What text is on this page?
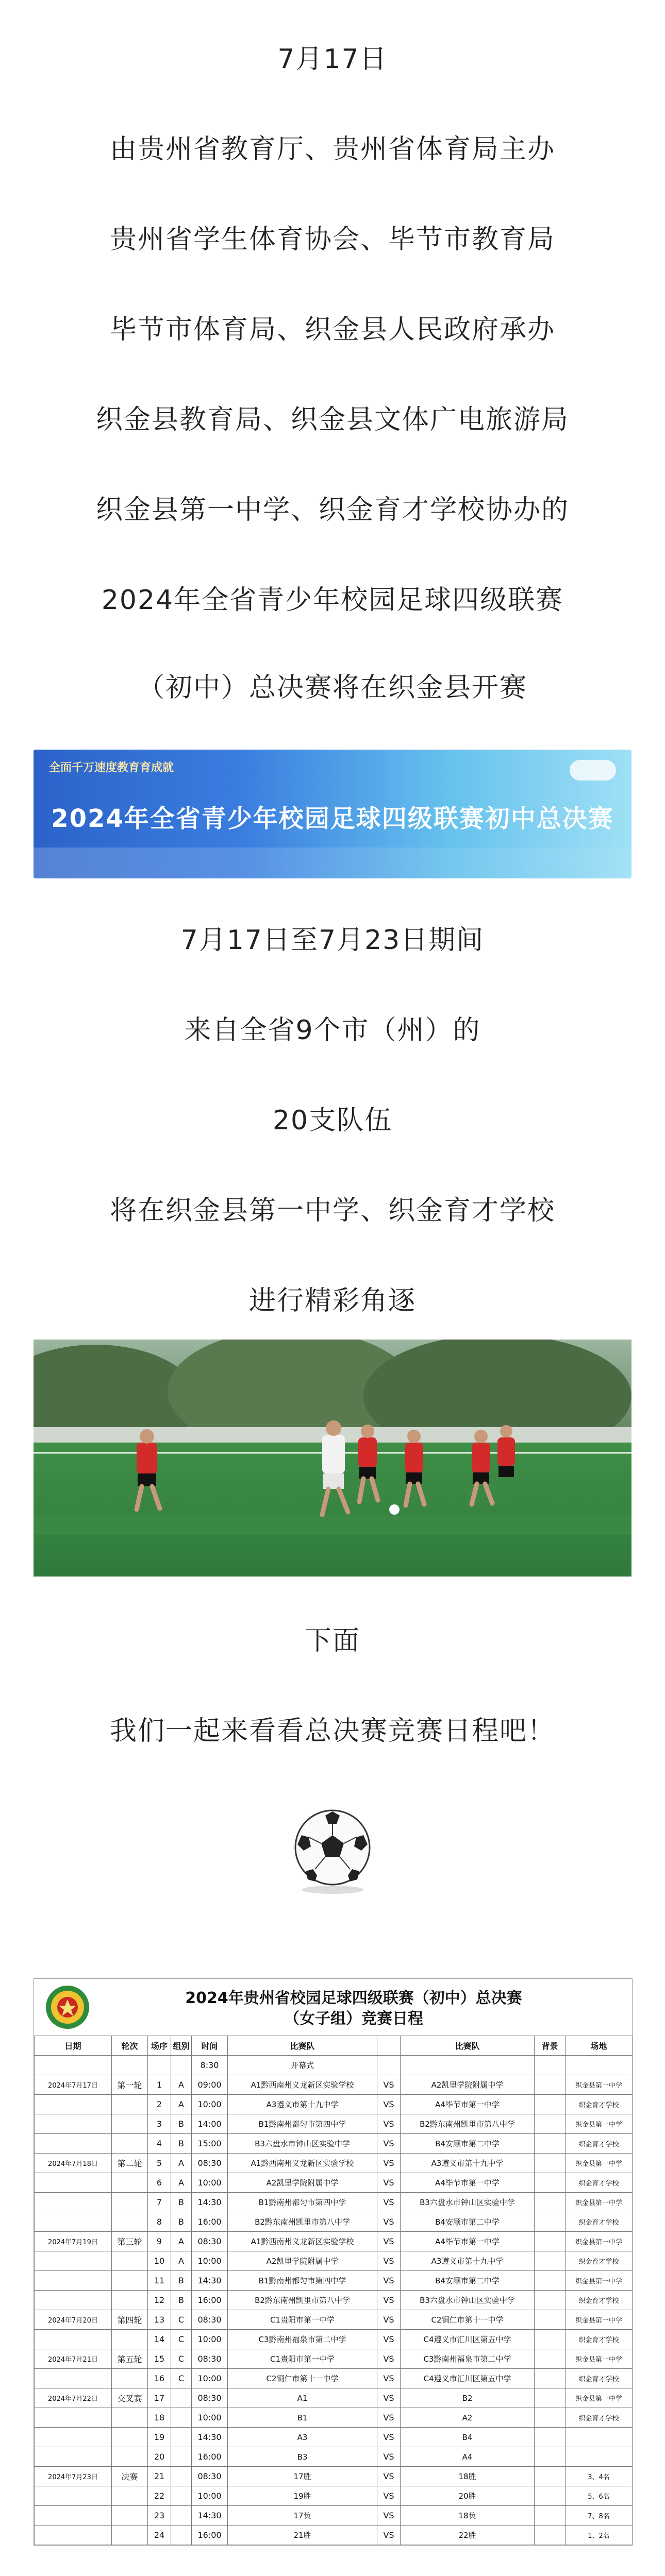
7月17日
由贵州省教育厅、贵州省体育局主办
贵州省学生体育协会、毕节市教育局
毕节市体育局、织金县人民政府承办
织金县教育局、织金县文体广电旅游局
织金县第一中学、织金育才学校协办的
2024年全省青少年校园足球四级联赛
（初中）总决赛将在织金县开赛
全面千万速度教育育成就
2024年全省青少年校园足球四级联赛初中总决赛
7月17日至7月23日期间
来自全省9个市（州）的
20支队伍
将在织金县第一中学、织金育才学校
进行精彩角逐
下面
我们一起来看看总决赛竞赛日程吧！
2024年贵州省校园足球四级联赛（初中）总决赛
（女子组）竞赛日程
日期	轮次	场序	组别	时间	比赛队		比赛队	背景	场地
				8:30	开幕式				
2024年7月17日	第一轮	1	A	09:00	A1黔西南州义龙新区实验学校	VS	A2凯里学院附属中学		织金县第一中学
		2	A	10:00	A3遵义市第十九中学	VS	A4毕节市第一中学		织金育才学校
		3	B	14:00	B1黔南州都匀市第四中学	VS	B2黔东南州凯里市第八中学		织金县第一中学
		4	B	15:00	B3六盘水市钟山区实验中学	VS	B4安顺市第二中学		织金育才学校
2024年7月18日	第二轮	5	A	08:30	A1黔西南州义龙新区实验学校	VS	A3遵义市第十九中学		织金县第一中学
		6	A	10:00	A2凯里学院附属中学	VS	A4毕节市第一中学		织金育才学校
		7	B	14:30	B1黔南州都匀市第四中学	VS	B3六盘水市钟山区实验中学		织金县第一中学
		8	B	16:00	B2黔东南州凯里市第八中学	VS	B4安顺市第二中学		织金育才学校
2024年7月19日	第三轮	9	A	08:30	A1黔西南州义龙新区实验学校	VS	A4毕节市第一中学		织金县第一中学
		10	A	10:00	A2凯里学院附属中学	VS	A3遵义市第十九中学		织金育才学校
		11	B	14:30	B1黔南州都匀市第四中学	VS	B4安顺市第二中学		织金县第一中学
		12	B	16:00	B2黔东南州凯里市第八中学	VS	B3六盘水市钟山区实验中学		织金育才学校
2024年7月20日	第四轮	13	C	08:30	C1贵阳市第一中学	VS	C2铜仁市第十一中学		织金县第一中学
		14	C	10:00	C3黔南州福泉市第二中学	VS	C4遵义市汇川区第五中学		织金育才学校
2024年7月21日	第五轮	15	C	08:30	C1贵阳市第一中学	VS	C3黔南州福泉市第二中学		织金县第一中学
		16	C	10:00	C2铜仁市第十一中学	VS	C4遵义市汇川区第五中学		织金育才学校
2024年7月22日	交叉赛	17		08:30	A1	VS	B2		织金县第一中学
		18		10:00	B1	VS	A2		织金育才学校
		19		14:30	A3	VS	B4		
		20		16:00	B3	VS	A4		
2024年7月23日	决赛	21		08:30	17胜	VS	18胜		3、4名
		22		10:00	19胜	VS	20胜		5、6名
		23		14:30	17负	VS	18负		7、8名
		24		16:00	21胜	VS	22胜		1、2名
